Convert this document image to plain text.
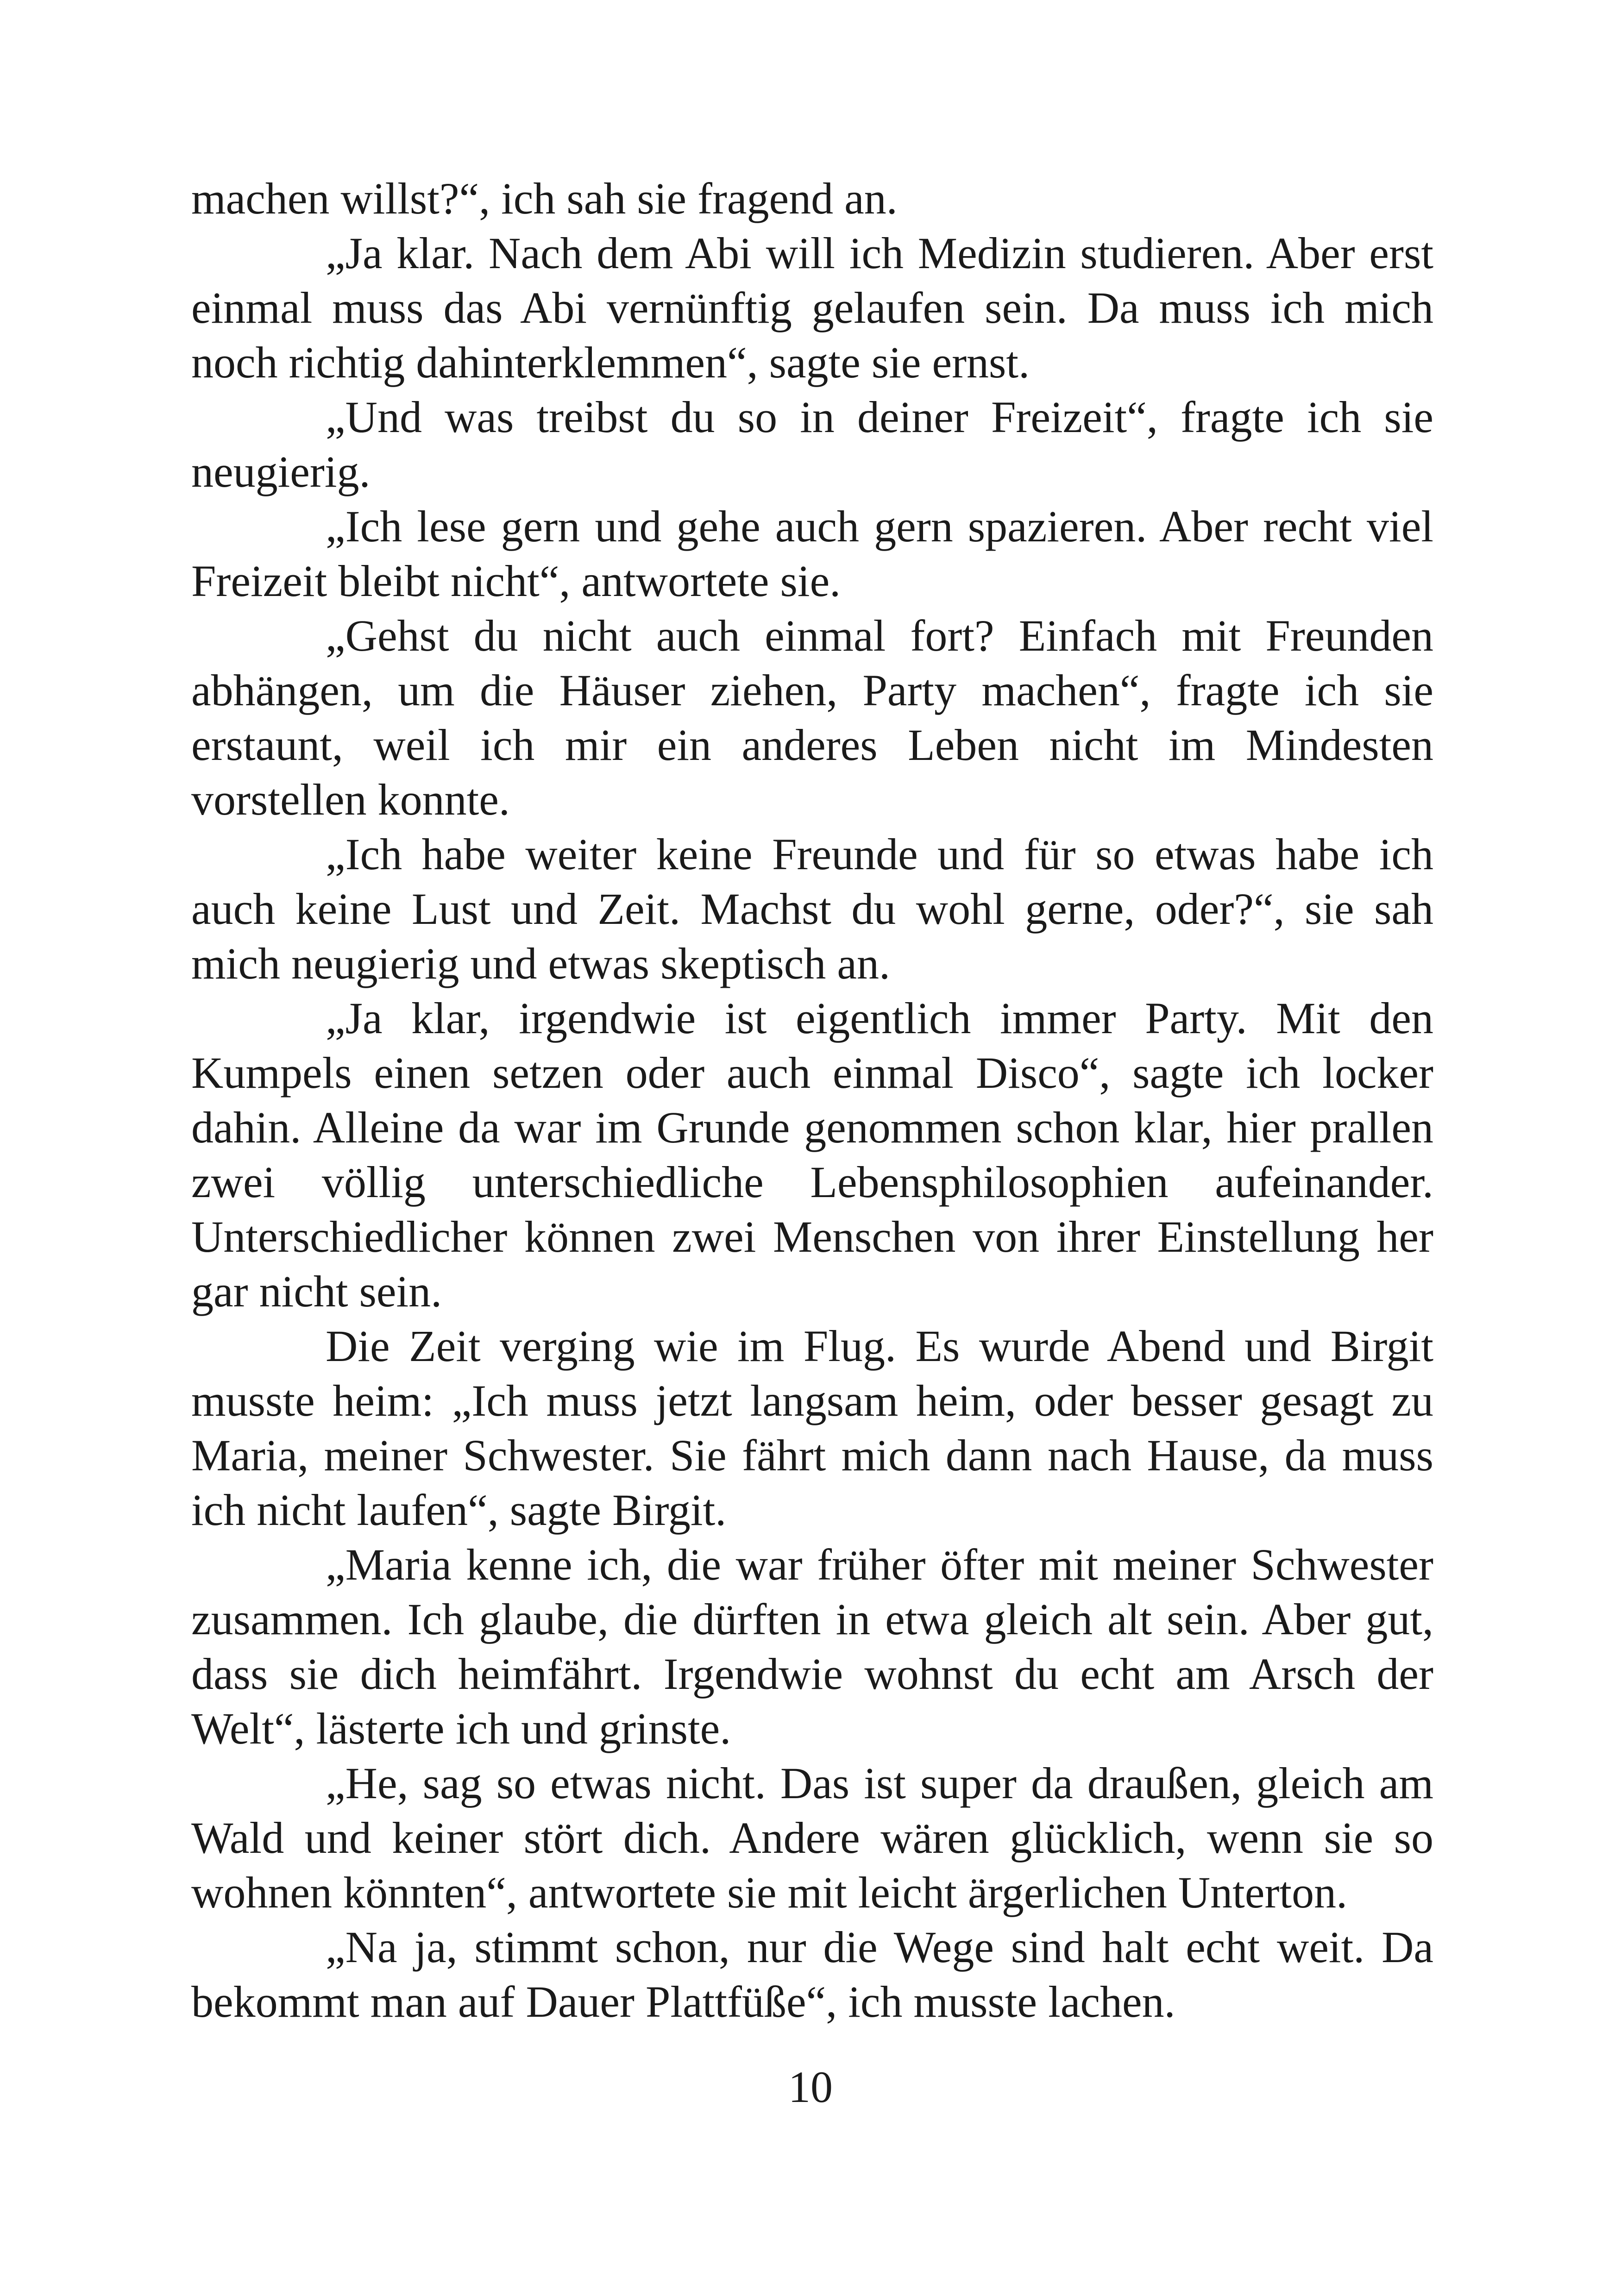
machen willst?“, ich sah sie fragend an.

„Ja klar. Nach dem Abi will ich Medizin studieren. Aber erst einmal muss das Abi vernünftig gelaufen sein. Da muss ich mich noch richtig dahinterklemmen“, sagte sie ernst.

„Und was treibst du so in deiner Freizeit“, fragte ich sie neugierig.

„Ich lese gern und gehe auch gern spazieren. Aber recht viel Freizeit bleibt nicht“, antwortete sie.

„Gehst du nicht auch einmal fort? Einfach mit Freunden abhängen, um die Häuser ziehen, Party machen“, fragte ich sie erstaunt, weil ich mir ein anderes Leben nicht im Mindesten vorstellen konnte.

„Ich habe weiter keine Freunde und für so etwas habe ich auch keine Lust und Zeit. Machst du wohl gerne, oder?“, sie sah mich neugierig und etwas skeptisch an.

„Ja klar, irgendwie ist eigentlich immer Party. Mit den Kumpels einen setzen oder auch einmal Disco“, sagte ich locker dahin. Alleine da war im Grunde genommen schon klar, hier prallen zwei völlig unterschiedliche Lebensphilosophien aufeinander. Unterschiedlicher können zwei Menschen von ihrer Einstellung her gar nicht sein.

Die Zeit verging wie im Flug. Es wurde Abend und Birgit musste heim: „Ich muss jetzt langsam heim, oder besser gesagt zu Maria, meiner Schwester. Sie fährt mich dann nach Hause, da muss ich nicht laufen“, sagte Birgit.

„Maria kenne ich, die war früher öfter mit meiner Schwester zusammen. Ich glaube, die dürften in etwa gleich alt sein. Aber gut, dass sie dich heimfährt. Irgendwie wohnst du echt am Arsch der Welt“, lästerte ich und grinste.

„He, sag so etwas nicht. Das ist super da draußen, gleich am Wald und keiner stört dich. Andere wären glücklich, wenn sie so wohnen könnten“, antwortete sie mit leicht ärgerlichen Unterton.

„Na ja, stimmt schon, nur die Wege sind halt echt weit. Da bekommt man auf Dauer Plattfüße“, ich musste lachen.

10
